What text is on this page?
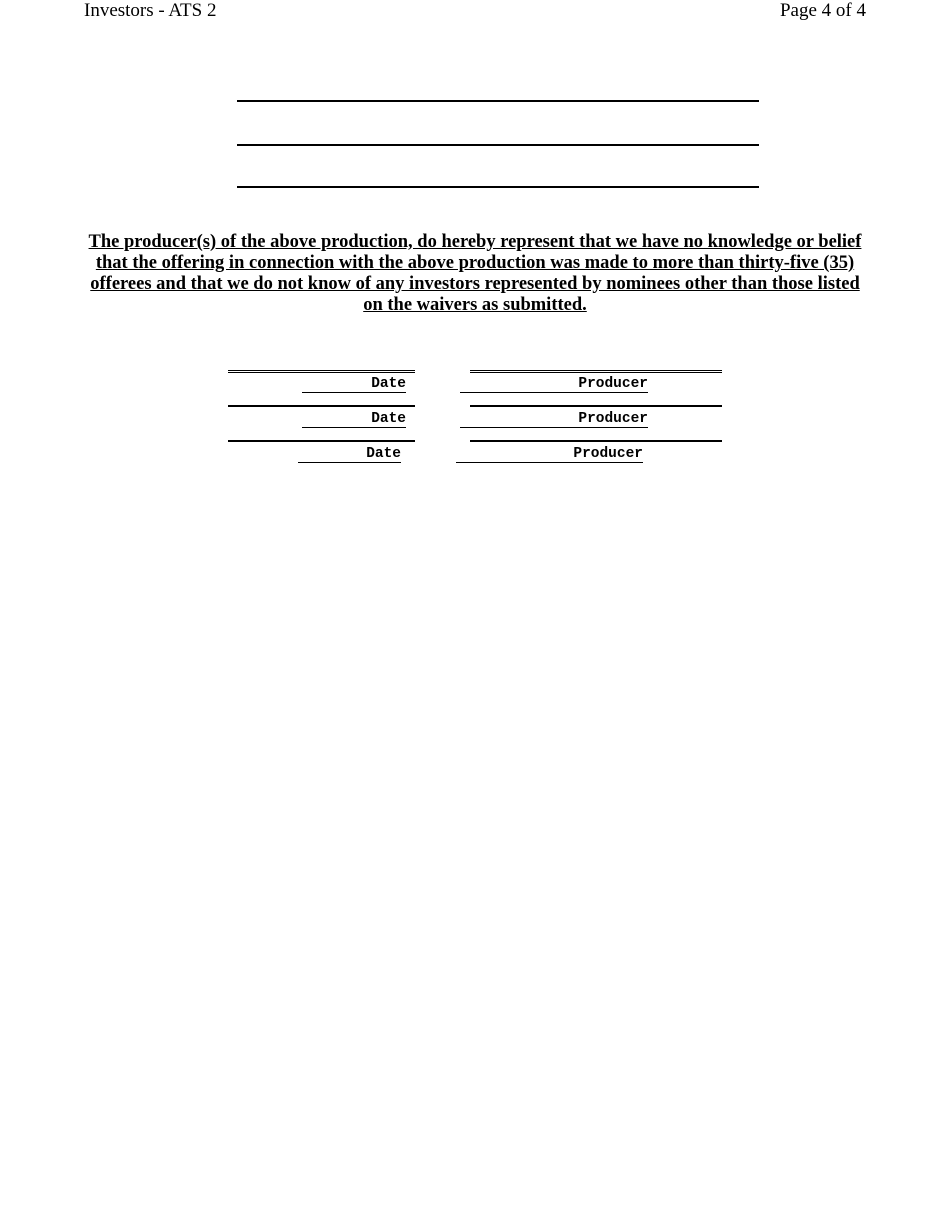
Investors - ATS 2	Page 4 of 4
The producer(s) of the above production, do hereby represent that we have no knowledge or belief that the offering in connection with the above production was made to more than thirty-five (35) offerees and that we do not know of any investors represented by nominees other than those listed on the waivers as submitted.
Date	Producer
Date	Producer
Date	Producer
